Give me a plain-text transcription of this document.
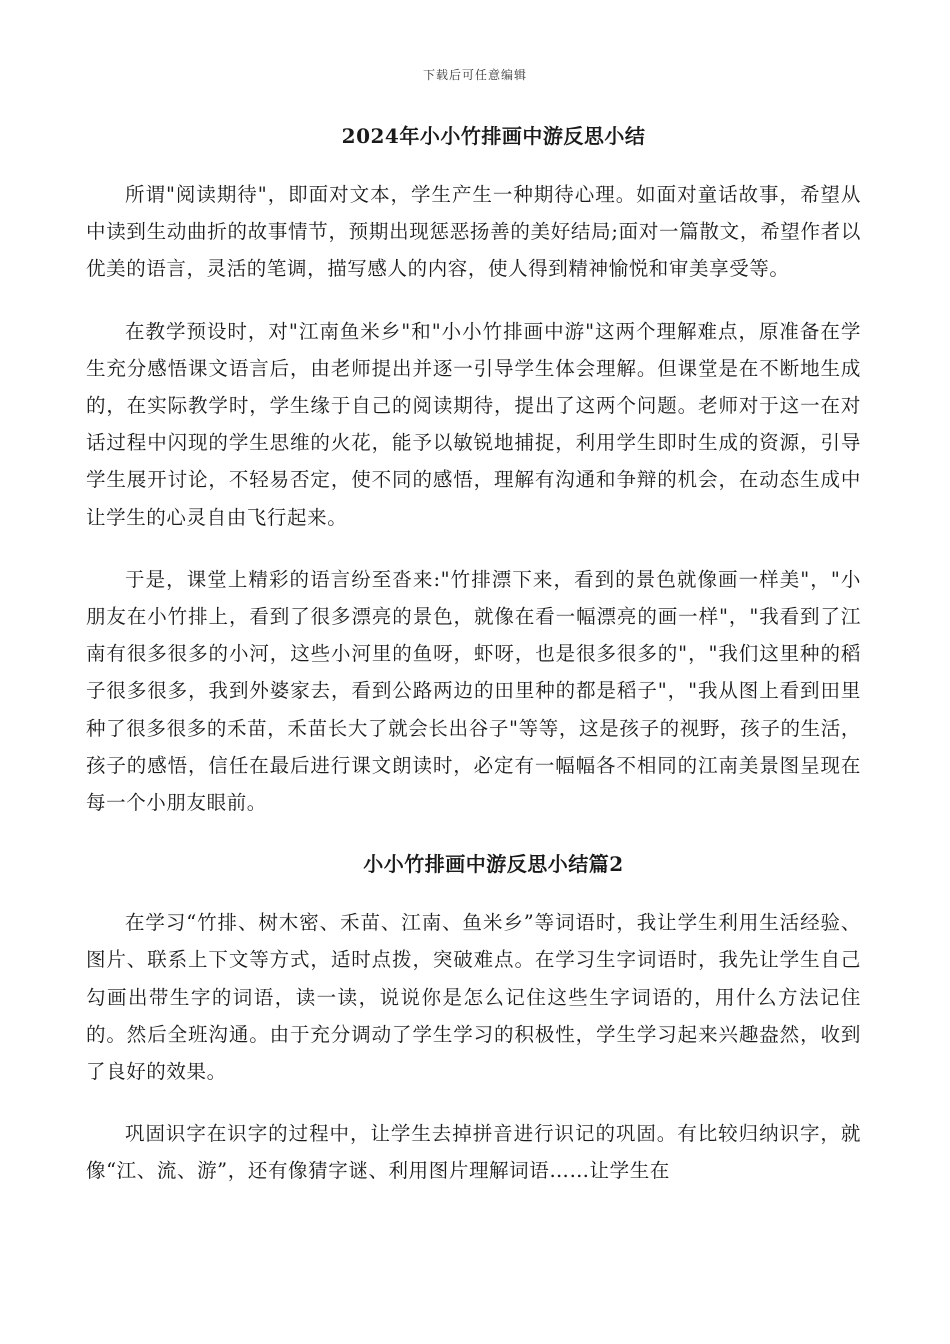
下载后可任意编辑
2024年小小竹排画中游反思小结

所谓"阅读期待"，即面对文本，学生产生一种期待心理。如面对童话故事，希望从中读到生动曲折的故事情节，预期出现惩恶扬善的美好结局;面对一篇散文，希望作者以优美的语言，灵活的笔调，描写感人的内容，使人得到精神愉悦和审美享受等。

在教学预设时，对"江南鱼米乡"和"小小竹排画中游"这两个理解难点，原准备在学生充分感悟课文语言后，由老师提出并逐一引导学生体会理解。但课堂是在不断地生成的，在实际教学时，学生缘于自己的阅读期待，提出了这两个问题。老师对于这一在对话过程中闪现的学生思维的火花，能予以敏锐地捕捉，利用学生即时生成的资源，引导学生展开讨论，不轻易否定，使不同的感悟，理解有沟通和争辩的机会，在动态生成中让学生的心灵自由飞行起来。

于是，课堂上精彩的语言纷至沓来:"竹排漂下来，看到的景色就像画一样美"，"小朋友在小竹排上，看到了很多漂亮的景色，就像在看一幅漂亮的画一样"，"我看到了江南有很多很多的小河，这些小河里的鱼呀，虾呀，也是很多很多的"，"我们这里种的稻子很多很多，我到外婆家去，看到公路两边的田里种的都是稻子"，"我从图上看到田里种了很多很多的禾苗，禾苗长大了就会长出谷子"等等，这是孩子的视野，孩子的生活，孩子的感悟，信任在最后进行课文朗读时，必定有一幅幅各不相同的江南美景图呈现在每一个小朋友眼前。

小小竹排画中游反思小结篇2

在学习“竹排、树木密、禾苗、江南、鱼米乡”等词语时，我让学生利用生活经验、图片、联系上下文等方式，适时点拨，突破难点。在学习生字词语时，我先让学生自己勾画出带生字的词语，读一读，说说你是怎么记住这些生字词语的，用什么方法记住的。然后全班沟通。由于充分调动了学生学习的积极性，学生学习起来兴趣盎然，收到了良好的效果。

巩固识字在识字的过程中，让学生去掉拼音进行识记的巩固。有比较归纳识字，就像“江、流、游”，还有像猜字谜、利用图片理解词语……让学生在
